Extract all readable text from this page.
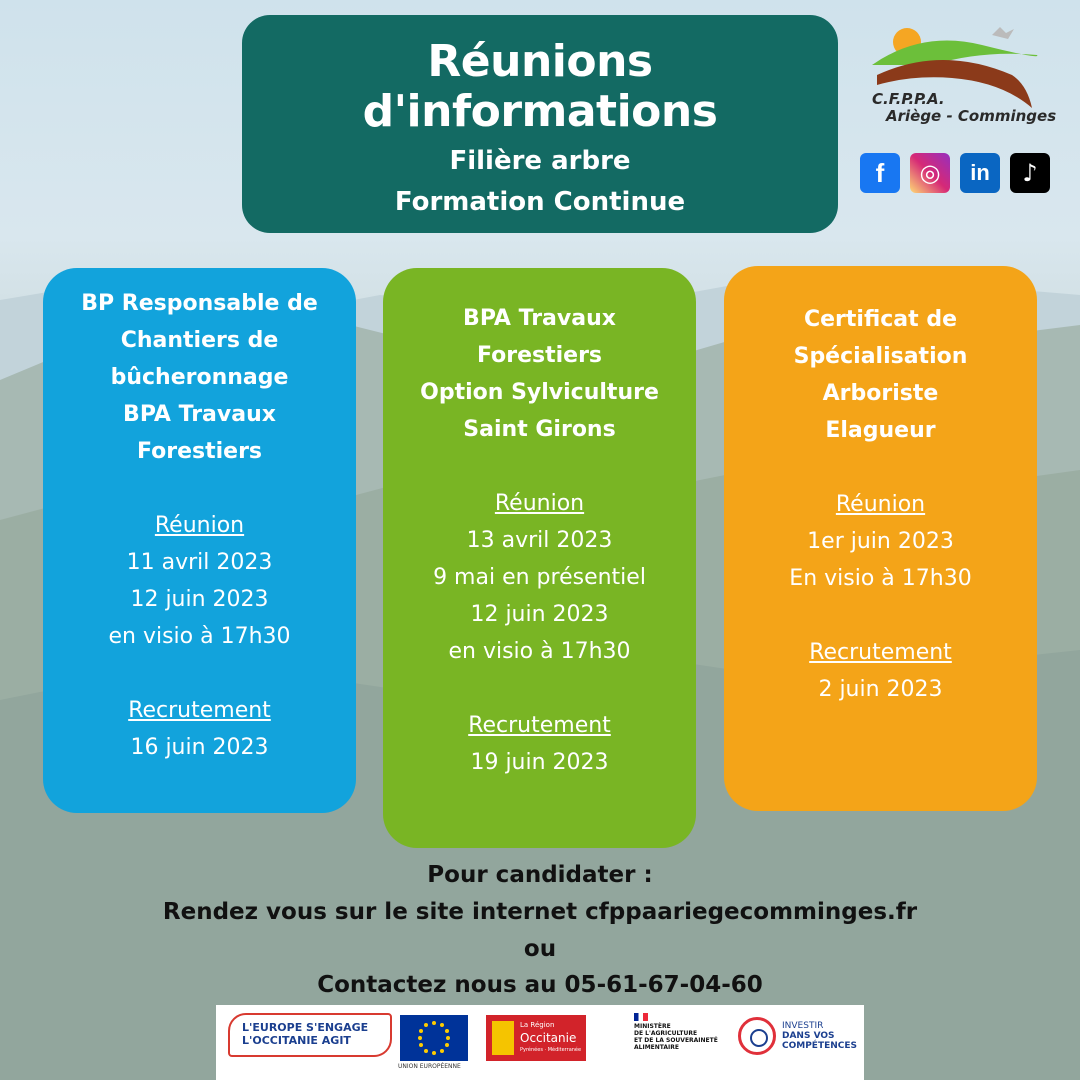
Réunions
d'informations
Filière arbre
Formation Continue
C.F.P.P.A.
Ariège - Comminges
f	◎	in	♪
BP Responsable de
Chantiers de
bûcheronnage
BPA Travaux
Forestiers

Réunion

11 avril 2023

12 juin 2023

en visio à 17h30

Recrutement

16 juin 2023

BPA Travaux
Forestiers
Option Sylviculture
Saint Girons

Réunion

13 avril 2023

9 mai en présentiel

12 juin 2023

en visio à 17h30

Recrutement

19 juin 2023

Certificat de
Spécialisation
Arboriste
Elagueur

Réunion

1er juin 2023

En visio à 17h30

Recrutement

2 juin 2023

Pour candidater :
Rendez vous sur le site internet cfppaariegecomminges.fr
ou
Contactez nous au 05-61-67-04-60
L'EUROPE S'ENGAGE
L'OCCITANIE AGIT
UNION EUROPÉENNE
La Région
Occitanie
Pyrénées · Méditerranée
MINISTÈRE
DE L'AGRICULTURE
ET DE LA SOUVERAINETÉ
ALIMENTAIRE
INVESTIR
DANS VOS
COMPÉTENCES
